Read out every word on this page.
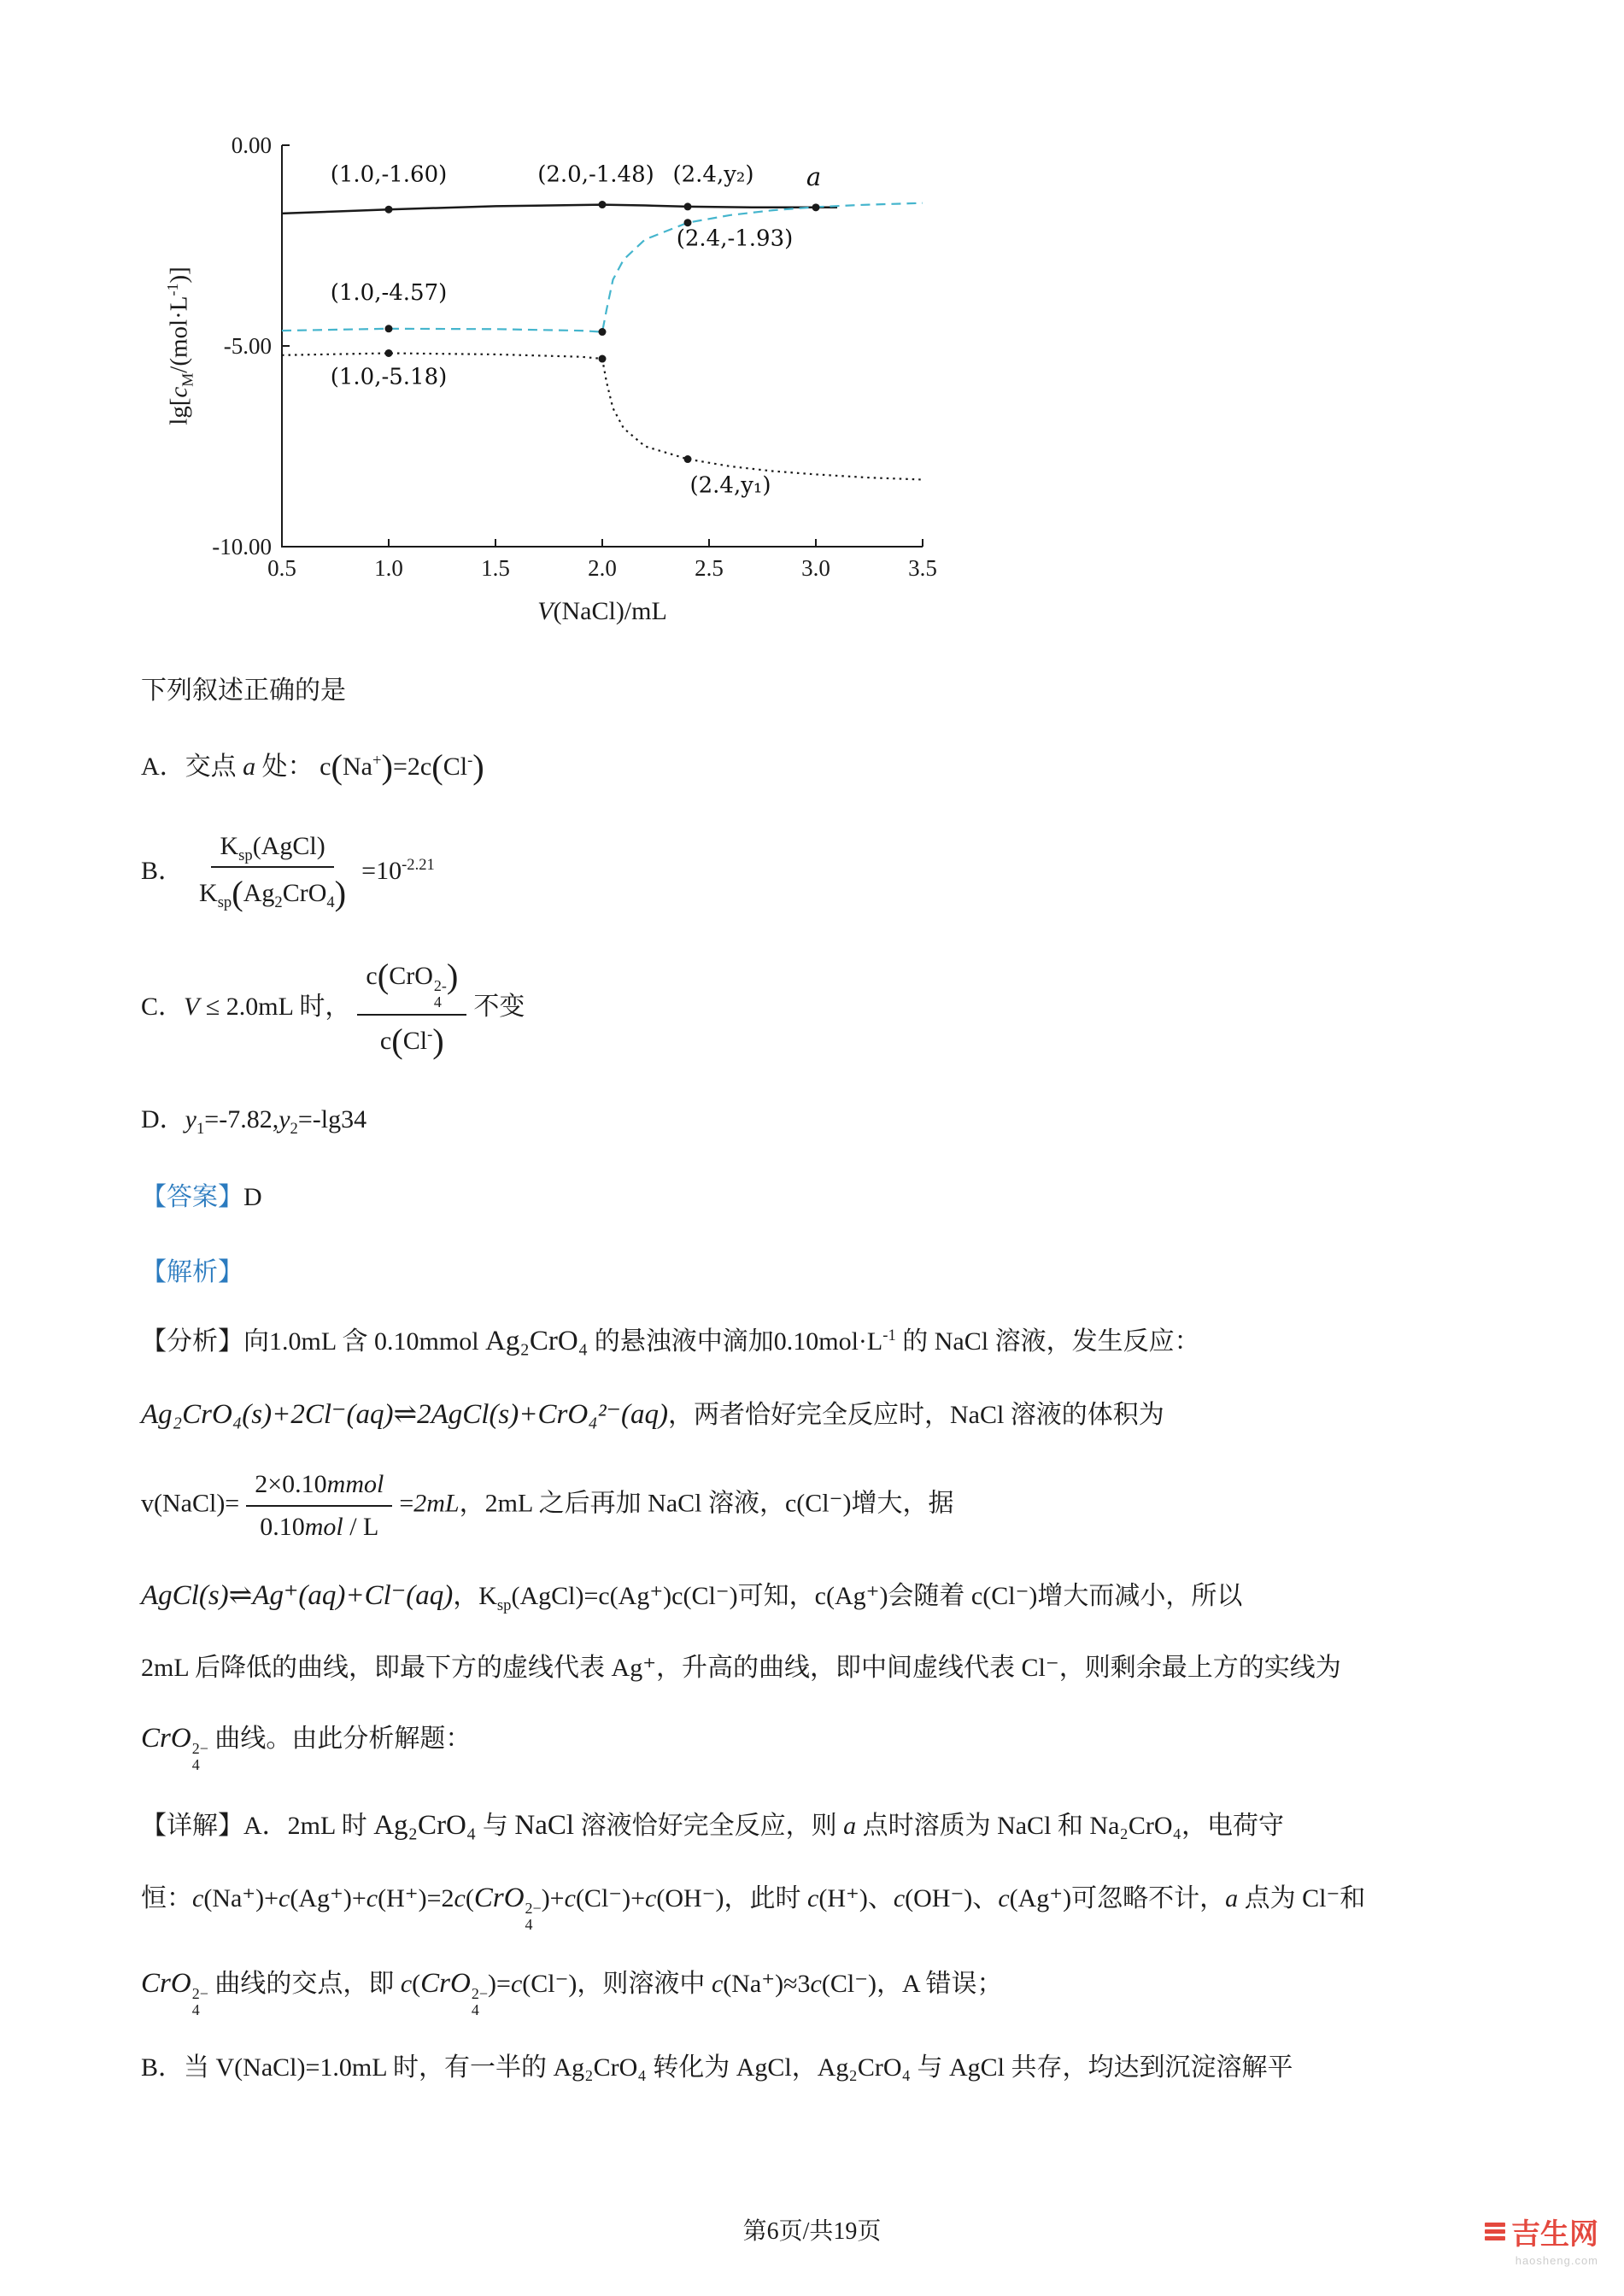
$\lg[c_M/(mol\cdot L^{-1})]$
0.5	1.0	1.5	2.0	2.5	3.0	3.5
0.00
-5.00
-10.00
(1.0,-1.60)	(2.0,-1.48) (2.4,y₂) a
(2.4,-1.93)
(1.0,-4.57)
(1.0,-5.18)
(2.4,y₁)
V(NaCl)/mL
下列叙述正确的是
A．交点 a 处： c(Na+)=2c(Cl-)
B． $\frac{K_{sp}(AgCl)}{K_{sp}(Ag_2CrO_4)} =10^{-2.21}$
C．V ≤ 2.0mL 时， c(CrO 2-
4
)
c(Cl-) 不变
D．$y_1=-7.82,y_2=-\lg 34$
【答案】D
【解析】
【分析】向1.0mL 含 0.10mmol Ag₂CrO₄ 的悬浊液中滴加$0.10mol\cdot L^{-1}$ 的 NaCl 溶液，发生反应：
Ag₂CrO₄(s)+2Cl⁻(aq)⇌2AgCl(s)+CrO₄²⁻(aq)，两者恰好完全反应时，NaCl 溶液的体积为
v(NaCl)= $\frac{\text{2×0.10mmol}}{\text{0.10mol / L}} =2mL$，2mL 之后再加 NaCl 溶液，c(Cl⁻)增大，据
AgCl(s)⇌Ag⁺(aq)+Cl⁻(aq)，$K_{sp}(AgCl)=c(Ag^+)c(Cl^-)$可知，c(Ag⁺)会随着 c(Cl⁻)增大而减小，所以
2mL 后降低的曲线，即最下方的虚线代表 Ag⁺，升高的曲线，即中间虚线代表 Cl⁻，则剩余最上方的实线为
CrO 2−
4
曲线。由此分析解题：
【详解】A．2mL 时 Ag₂CrO₄ 与 NaCl 溶液恰好完全反应，则 a 点时溶质为 NaCl 和 Na₂CrO₄，电荷守
恒：c(Na⁺)+c(Ag⁺)+c(H⁺)=2c(CrO 2−
4
)+c(Cl⁻)+c(OH⁻)，此时 c(H⁺)、c(OH⁻)、c(Ag⁺)可忽略不计，a 点为 Cl⁻和
CrO 2−
4
曲线的交点，即 c(CrO 2−
4
)=c(Cl⁻)，则溶液中 c(Na⁺)≈3c(Cl⁻)，A 错误；
B．当 V(NaCl)=1.0mL 时，有一半的 Ag₂CrO₄ 转化为 AgCl，Ag₂CrO₄ 与 AgCl 共存，均达到沉淀溶解平
第6页/共19页	吉生网
haosheng.com
